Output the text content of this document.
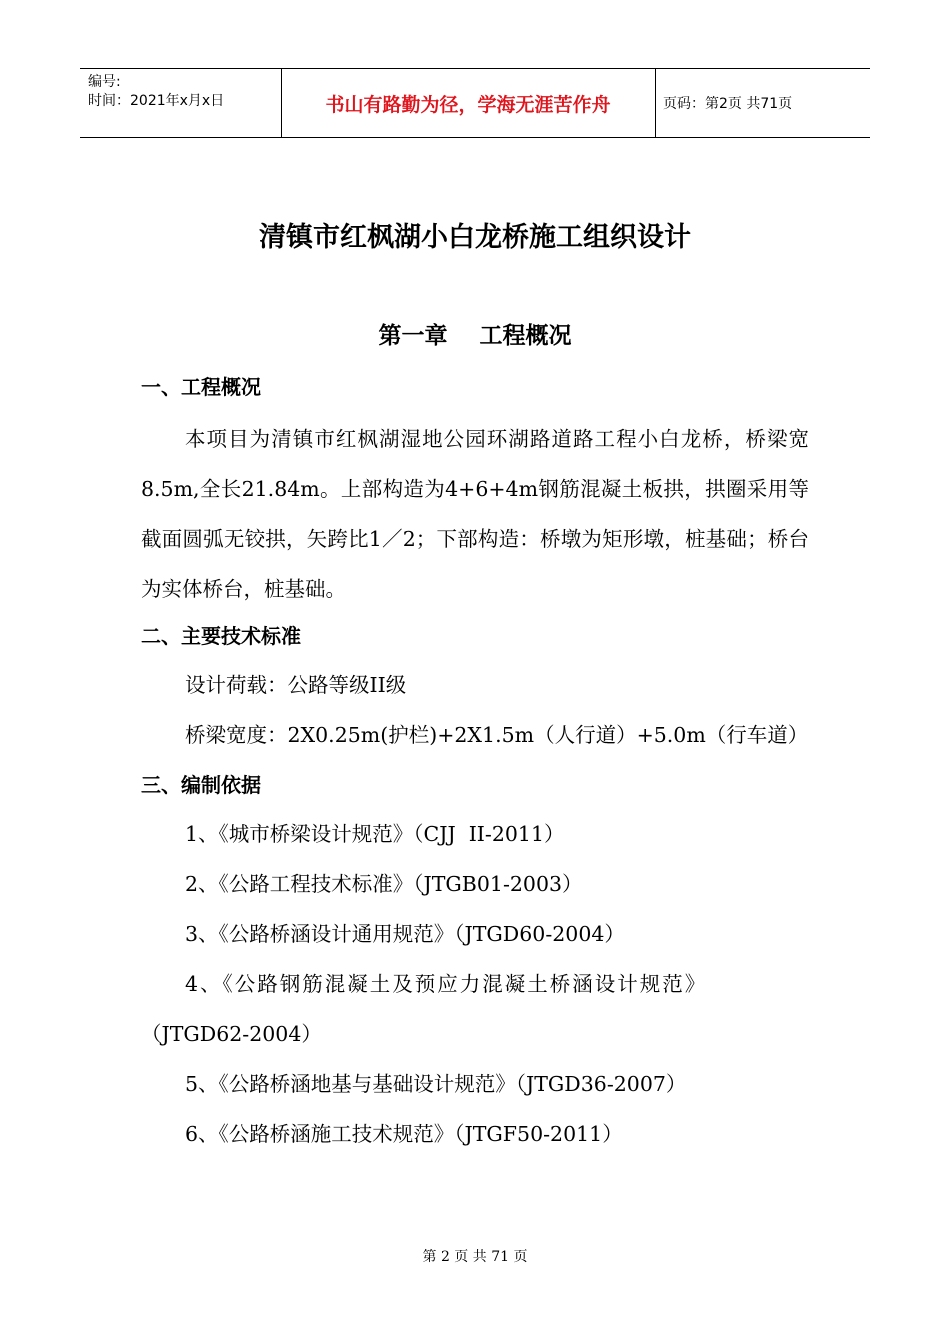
编号:
时间：2021年x月x日	书山有路勤为径，学海无涯苦作舟	页码：第2页 共71页
清镇市红枫湖小白龙桥施工组织设计
第一章    工程概况
一、工程概况

本项目为清镇市红枫湖湿地公园环湖路道路工程小白龙桥，桥梁宽8.5m,全长21.84m。上部构造为4+6+4m钢筋混凝土板拱，拱圈采用等截面圆弧无铰拱，矢跨比1／2；下部构造：桥墩为矩形墩，桩基础；桥台为实体桥台，桩基础。

二、主要技术标准
设计荷载：公路等级II级
桥梁宽度：2X0.25m(护栏)+2X1.5m（人行道）+5.0m（行车道）
三、编制依据
1、《城市桥梁设计规范》（CJJ  II-2011）
2、《公路工程技术标准》（JTGB01-2003）
3、《公路桥涵设计通用规范》（JTGD60-2004）
4、《公路钢筋混凝土及预应力混凝土桥涵设计规范》
（JTGD62-2004）
5、《公路桥涵地基与基础设计规范》（JTGD36-2007）
6、《公路桥涵施工技术规范》（JTGF50-2011）
第 2 页 共 71 页
